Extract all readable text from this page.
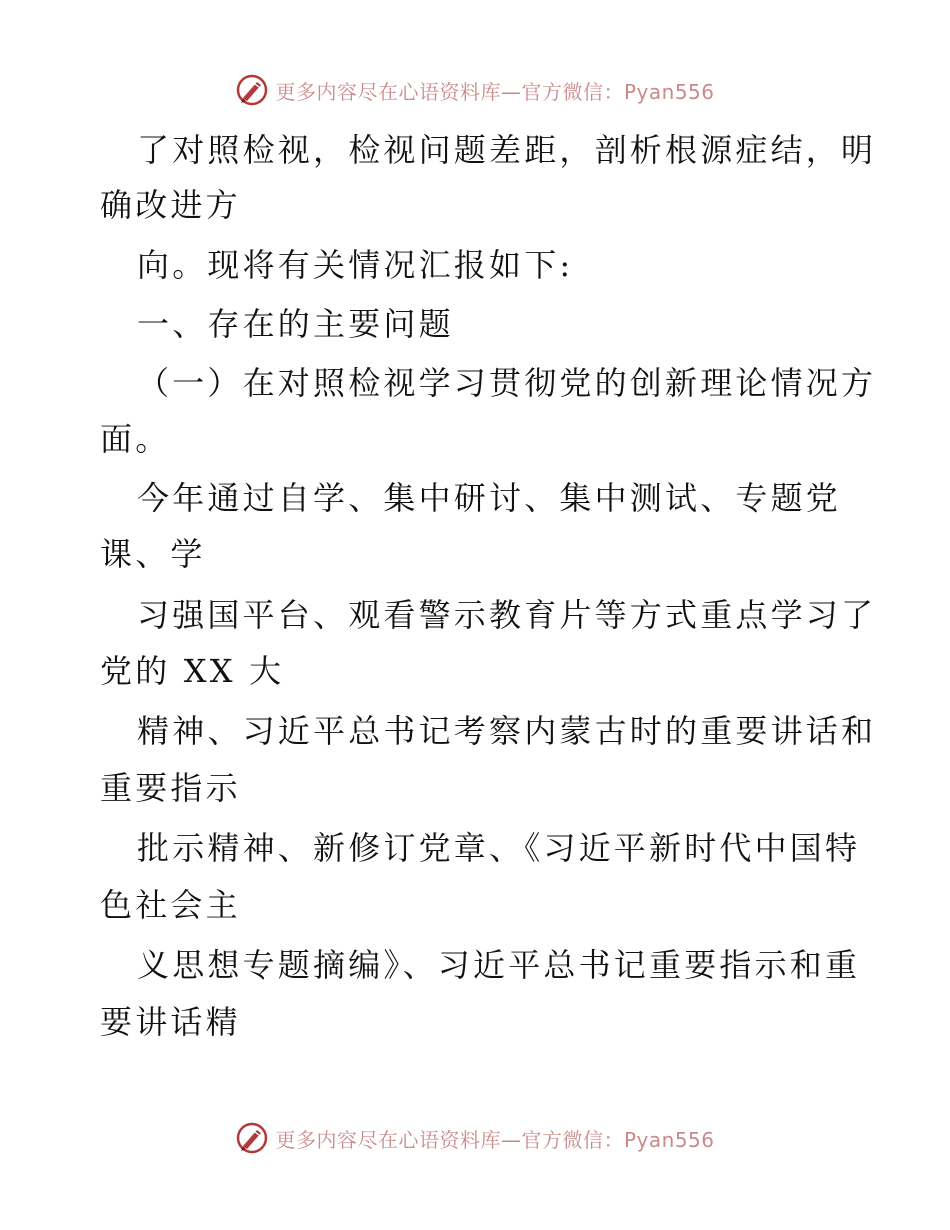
更多内容尽在心语资料库—官方微信：Pyan556
了对照检视，检视问题差距，剖析根源症结，明
确改进方
向。现将有关情况汇报如下:
一、存在的主要问题
（一）在对照检视学习贯彻党的创新理论情况方
面。
今年通过自学、集中研讨、集中测试、专题党
课、学
习强国平台、观看警示教育片等方式重点学习了
党的 XX 大
精神、习近平总书记考察内蒙古时的重要讲话和
重要指示
批示精神、新修订党章、《习近平新时代中国特
色社会主
义思想专题摘编》、习近平总书记重要指示和重
要讲话精
更多内容尽在心语资料库—官方微信：Pyan556
